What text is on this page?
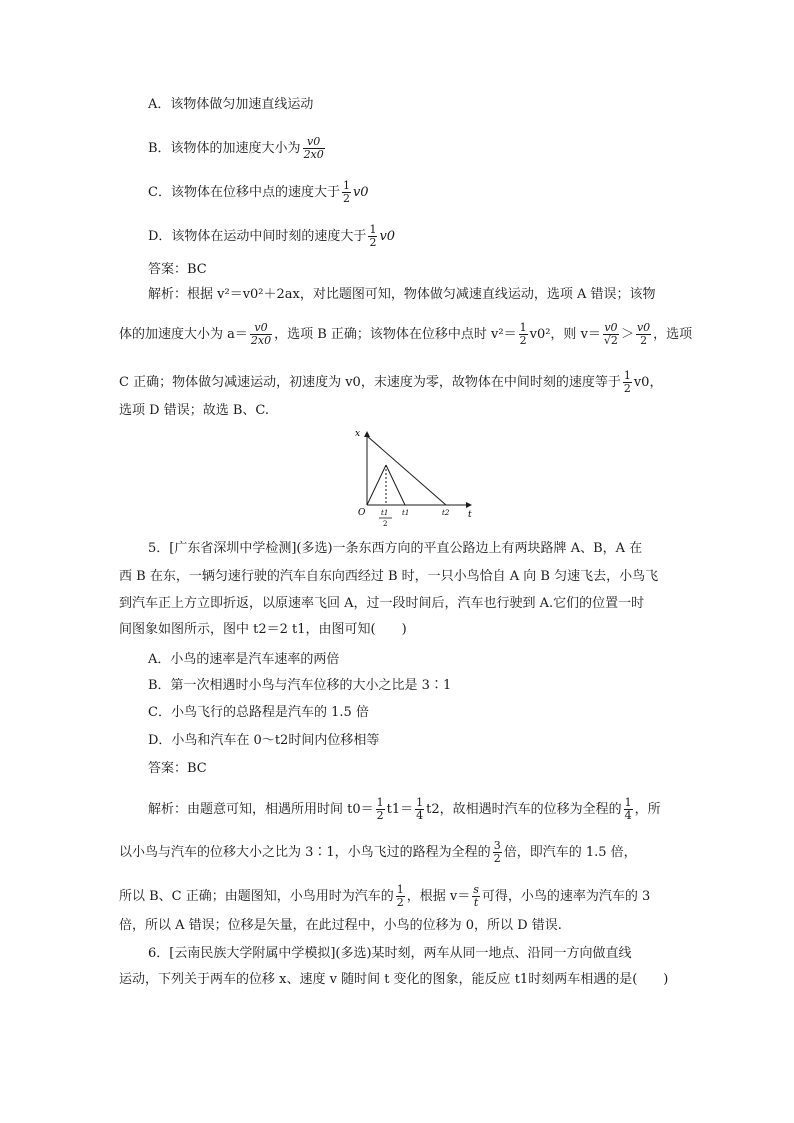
A．该物体做匀加速直线运动
B．该物体的加速度大小为 $\frac{v0}{2x0}$
C．该物体在位移中点的速度大于 $\frac{1}{2} v0$
D．该物体在运动中间时刻的速度大于 $\frac{1}{2} v0$
答案：BC
解析：根据 v²＝v0²＋2ax，对比题图可知，物体做匀减速直线运动，选项 A 错误；该物
体的加速度大小为 $a= \frac{v0}{2x0}$ ，选项 B 正确；该物体在位移中点时 $v^2= \frac{1}{2} v0^2$，则 $v= \frac{v0}{√2} > \frac{v0}{2}$ ，选项
C 正确；物体做匀减速运动，初速度为 v0，末速度为零，故物体在中间时刻的速度等于 $\frac{1}{2} v0$，
选项 D 错误；故选 B、C.
x
t
O t1
2
t1	t2
5．[广东省深圳中学检测](多选)一条东西方向的平直公路边上有两块路牌 A、B，A 在
西 B 在东，一辆匀速行驶的汽车自东向西经过 B 时，一只小鸟恰自 A 向 B 匀速飞去，小鸟飞
到汽车正上方立即折返，以原速率飞回 A，过一段时间后，汽车也行驶到 A.它们的位置一时
间图象如图所示，图中 t2＝2 t1，由图可知(　　)
A．小鸟的速率是汽车速率的两倍
B．第一次相遇时小鸟与汽车位移的大小之比是 3∶1
C．小鸟飞行的总路程是汽车的 1.5 倍
D．小鸟和汽车在 0～t2时间内位移相等
答案：BC
解析：由题意可知，相遇所用时间 $t0= \frac{1}{2} t1= \frac{1}{4} t2$，故相遇时汽车的位移为全程的 $\frac{1}{4}$ ，所
以小鸟与汽车的位移大小之比为 3∶1，小鸟飞过的路程为全程的 $\frac{3}{2}$ 倍，即汽车的 1.5 倍，
所以 B、C 正确；由题图知，小鸟用时为汽车的 $\frac{1}{2}$ ，根据 $v= \frac{s}{t}$ 可得，小鸟的速率为汽车的 3
倍，所以 A 错误；位移是矢量，在此过程中，小鸟的位移为 0，所以 D 错误.
6．[云南民族大学附属中学模拟](多选)某时刻，两车从同一地点、沿同一方向做直线
运动，下列关于两车的位移 x、速度 v 随时间 t 变化的图象，能反应 t1时刻两车相遇的是(　　)
